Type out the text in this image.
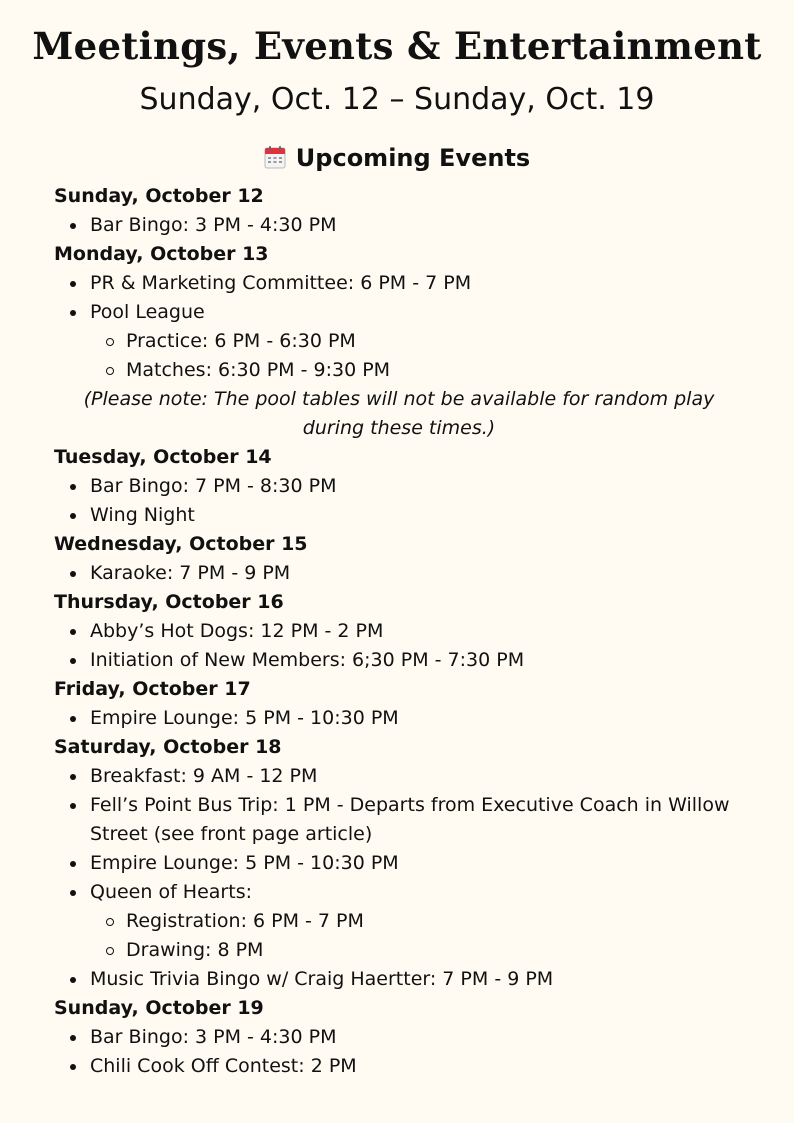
Meetings, Events & Entertainment
Sunday, Oct. 12 – Sunday, Oct. 19
Upcoming Events
Sunday, October 12
Bar Bingo: 3 PM - 4:30 PM
Monday, October 13
PR & Marketing Committee: 6 PM - 7 PM
Pool League
Practice: 6 PM - 6:30 PM
Matches: 6:30 PM - 9:30 PM

(Please note: The pool tables will not be available for random play during these times.)

Tuesday, October 14
Bar Bingo: 7 PM - 8:30 PM
Wing Night
Wednesday, October 15
Karaoke: 7 PM - 9 PM
Thursday, October 16
Abby’s Hot Dogs: 12 PM - 2 PM
Initiation of New Members: 6;30 PM - 7:30 PM
Friday, October 17
Empire Lounge: 5 PM - 10:30 PM
Saturday, October 18
Breakfast: 9 AM - 12 PM
Fell’s Point Bus Trip: 1 PM - Departs from Executive Coach in Willow Street (see front page article)
Empire Lounge: 5 PM - 10:30 PM
Queen of Hearts:
Registration: 6 PM - 7 PM
Drawing: 8 PM
Music Trivia Bingo w/ Craig Haertter: 7 PM - 9 PM
Sunday, October 19
Bar Bingo: 3 PM - 4:30 PM
Chili Cook Off Contest: 2 PM
